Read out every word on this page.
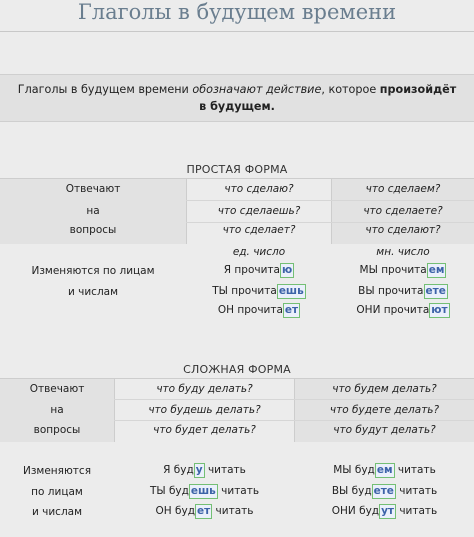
Глаголы в будущем времени
Глаголы в будущем времени обозначают действие, которое произойдёт в будущем.
ПРОСТАЯ ФОРМА
Отвечают
на
вопросы
что сделаю?
что сделаешь?
что сделает?
что сделаем?
что сделаете?
что сделают?
ед. число	мн. число
Изменяются по лицам
и числам
Я прочита ю
ТЫ прочита ешь
ОН прочита ет
МЫ прочита ем
ВЫ прочита ете
ОНИ прочита ют
СЛОЖНАЯ ФОРМА
Отвечают
на
вопросы
что буду делать?
что будешь делать?
что будет делать?
что будем делать?
что будете делать?
что будут делать?
Изменяются
по лицам
и числам
Я буд у читать
ТЫ буд ешь читать
ОН буд ет читать
МЫ буд ем читать
ВЫ буд ете читать
ОНИ буд ут читать
